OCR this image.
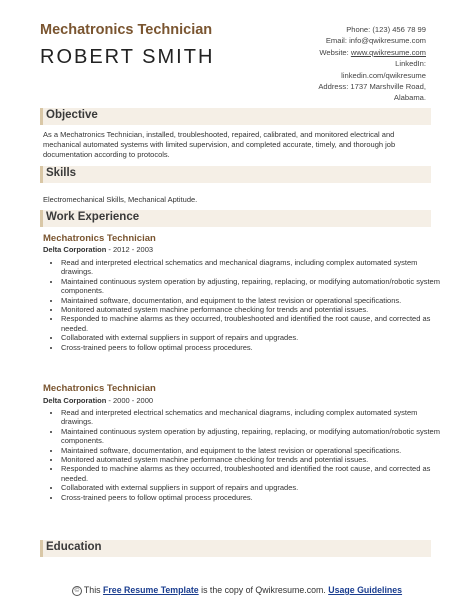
Mechatronics Technician
ROBERT SMITH
Phone: (123) 456 78 99
Email: info@qwikresume.com
Website: www.qwikresume.com
LinkedIn:
linkedin.com/qwikresume
Address: 1737 Marshville Road,
Alabama.
Objective
As a Mechatronics Technician, installed, troubleshooted, repaired, calibrated, and monitored electrical and mechanical automated systems with limited supervision, and completed accurate, timely, and thorough job documentation according to protocols.
Skills
Electromechanical Skills, Mechanical Aptitude.
Work Experience
Mechatronics Technician
Delta Corporation - 2012 - 2003
• Read and interpreted electrical schematics and mechanical diagrams, including complex automated system drawings.
• Maintained continuous system operation by adjusting, repairing, replacing, or modifying automation/robotic system components.
• Maintained software, documentation, and equipment to the latest revision or operational specifications.
• Monitored automated system machine performance checking for trends and potential issues.
• Responded to machine alarms as they occurred, troubleshooted and identified the root cause, and corrected as needed.
• Collaborated with external suppliers in support of repairs and upgrades.
• Cross-trained peers to follow optimal process procedures.
Mechatronics Technician
Delta Corporation - 2000 - 2000
• Read and interpreted electrical schematics and mechanical diagrams, including complex automated system drawings.
• Maintained continuous system operation by adjusting, repairing, replacing, or modifying automation/robotic system components.
• Maintained software, documentation, and equipment to the latest revision or operational specifications.
• Monitored automated system machine performance checking for trends and potential issues.
• Responded to machine alarms as they occurred, troubleshooted and identified the root cause, and corrected as needed.
• Collaborated with external suppliers in support of repairs and upgrades.
• Cross-trained peers to follow optimal process procedures.
Education
© This Free Resume Template is the copy of Qwikresume.com. Usage Guidelines
